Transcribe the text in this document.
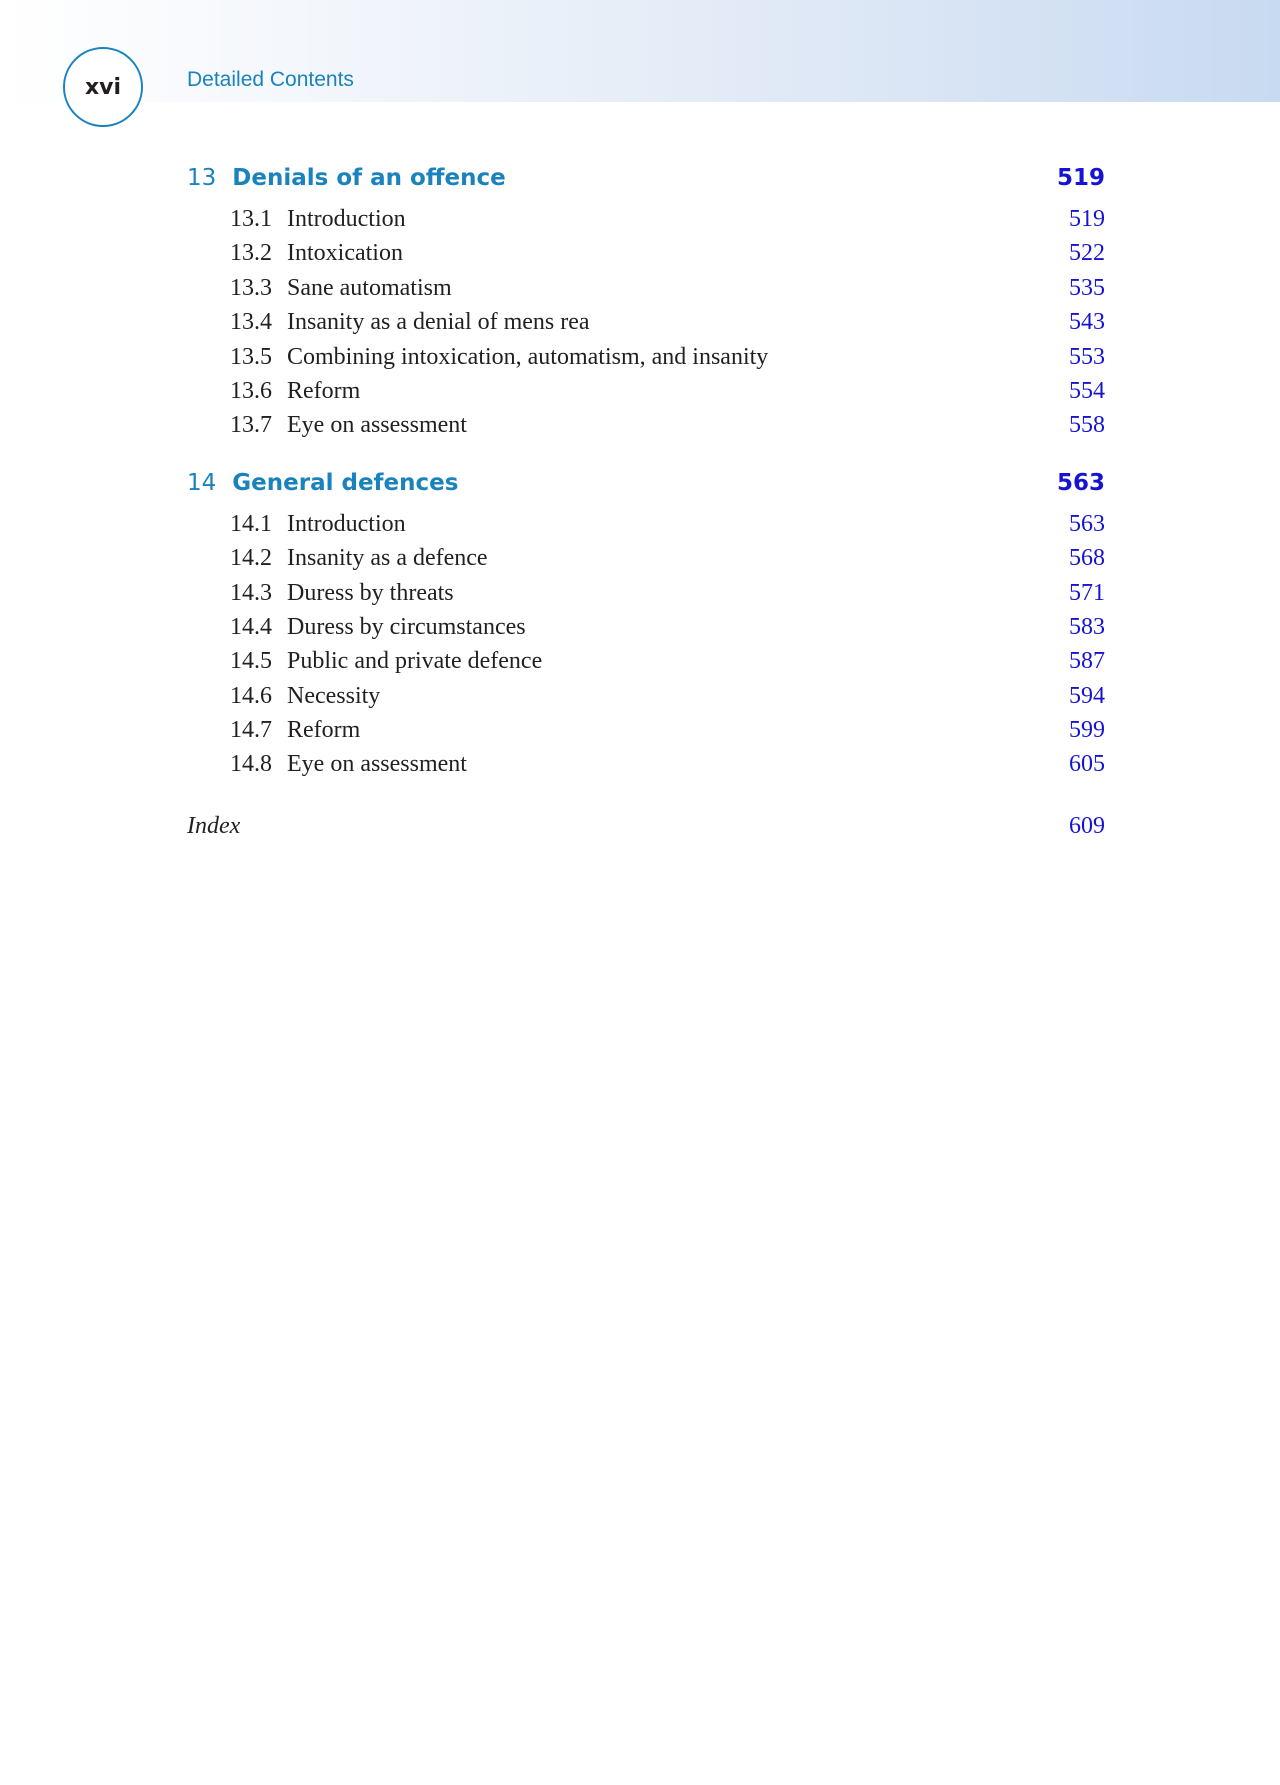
xvi	Detailed Contents
13 Denials of an offence	519
13.1 Introduction	519
13.2 Intoxication	522
13.3 Sane automatism	535
13.4 Insanity as a denial of mens rea	543
13.5 Combining intoxication, automatism, and insanity	553
13.6 Reform	554
13.7 Eye on assessment	558
14 General defences	563
14.1 Introduction	563
14.2 Insanity as a defence	568
14.3 Duress by threats	571
14.4 Duress by circumstances	583
14.5 Public and private defence	587
14.6 Necessity	594
14.7 Reform	599
14.8 Eye on assessment	605
Index	609
